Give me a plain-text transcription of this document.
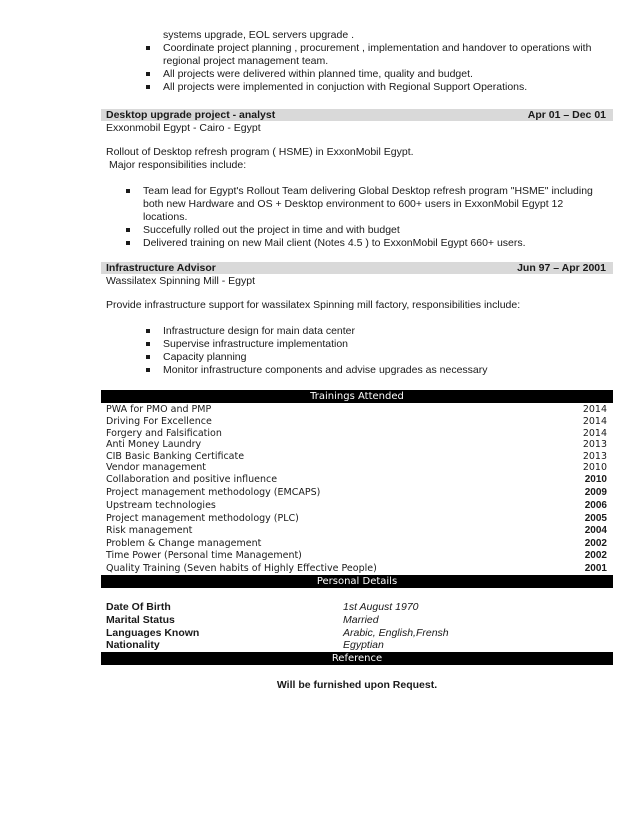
systems upgrade, EOL servers upgrade .
Coordinate project planning , procurement , implementation and handover to operations with regional project management team.
All projects were delivered within planned time, quality and budget.
All projects were implemented in conjuction with Regional Support Operations.
Desktop upgrade project - analyst	Apr 01 – Dec 01
Exxonmobil Egypt - Cairo - Egypt
Rollout of Desktop refresh program ( HSME) in ExxonMobil Egypt.
Major responsibilities include:
Team lead for Egypt's Rollout Team delivering Global Desktop refresh program "HSME" including both new Hardware and OS + Desktop environment to 600+ users in ExxonMobil Egypt 12 locations.
Succefully rolled out the project in time and with budget
Delivered training on new Mail client (Notes 4.5 ) to ExxonMobil Egypt 660+ users.
Infrastructure Advisor	Jun 97 – Apr 2001
Wassilatex Spinning Mill - Egypt
Provide infrastructure support for wassilatex Spinning mill factory, responsibilities include:
Infrastructure design for main data center
Supervise infrastructure implementation
Capacity planning
Monitor infrastructure components and advise upgrades as necessary
Trainings Attended
PWA for PMO and PMP	2014
Driving For Excellence	2014
Forgery and Falsification	2014
Anti Money Laundry	2013
CIB Basic Banking Certificate	2013
Vendor management	2010
Collaboration and positive influence	2010
Project management methodology (EMCAPS)	2009
Upstream technologies	2006
Project management methodology (PLC)	2005
Risk management	2004
Problem & Change management	2002
Time Power (Personal time Management)	2002
Quality Training (Seven habits of Highly Effective People)	2001
Personal Details
Date Of Birth	1st August 1970
Marital Status	Married
Languages Known	Arabic, English,Frensh
Nationality	Egyptian
Reference
Will be furnished upon Request.
